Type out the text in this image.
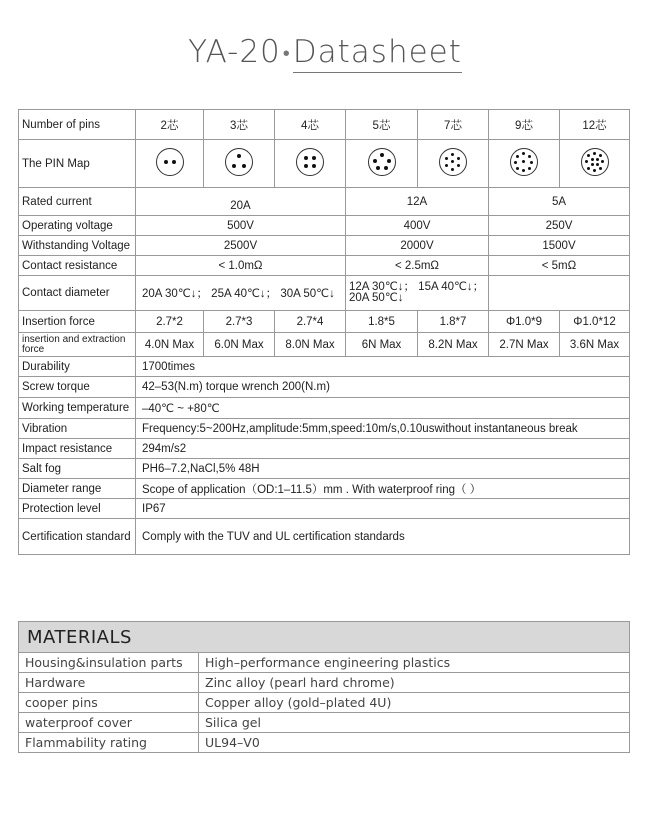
YA-20 •Datasheet
Number of pins	2芯	3芯	4芯	5芯	7芯	9芯	12芯
The PIN Map	

Rated current	20A			12A		5A	
Operating voltage	500V			400V		250V	
Withstanding Voltage	2500V			2000V		1500V	
Contact resistance	< 1.0mΩ			< 2.5mΩ		< 5mΩ	
Contact diameter	20A 30℃↓； 25A 40℃↓； 30A 50℃↓			12A 30℃↓； 15A 40℃↓； 20A 50℃↓			
Insertion force	2.7*2	2.7*3	2.7*4	1.8*5	1.8*7	Φ1.0*9	Φ1.0*12
insertion and extraction force	4.0N Max	6.0N Max	8.0N Max	6N Max	8.2N Max	2.7N Max	3.6N Max
Durability	1700times						
Screw torque	42–53(N.m) torque wrench 200(N.m)						
Working temperature	–40℃ ~ +80℃						
Vibration	Frequency:5~200Hz,amplitude:5mm,speed:10m/s,0.10uswithout instantaneous break						
Impact resistance	294m/s2						
Salt fog	PH6–7.2,NaCl,5% 48H						
Diameter range	Scope of application（OD:1–11.5）mm . With waterproof ring（ ）						
Protection level	IP67						
Certification standard	Comply with the TUV and UL certification standards						
MATERIALS	
Housing&insulation parts	High–performance engineering plastics
Hardware	Zinc alloy (pearl hard chrome)
cooper pins	Copper alloy (gold–plated 4U)
waterproof cover	Silica gel
Flammability rating	UL94–V0
